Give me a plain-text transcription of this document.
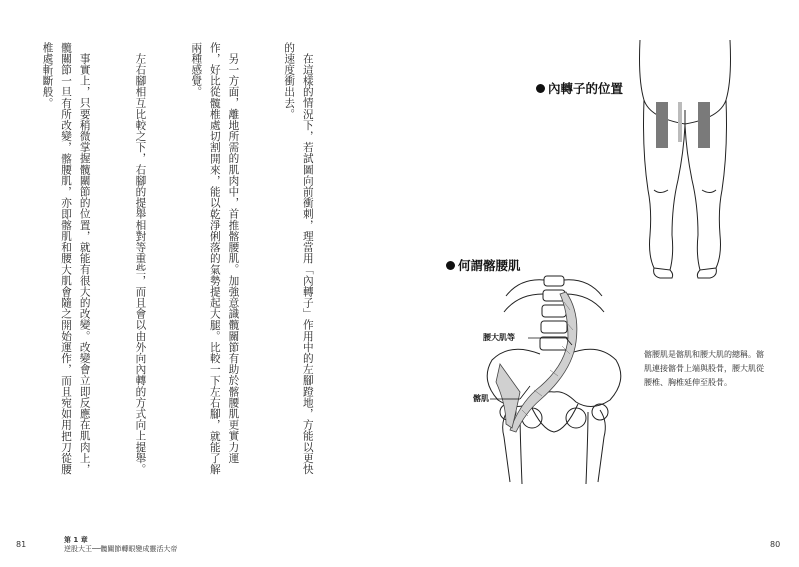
在這樣的情況下，若試圖向前衝刺，理當用「內轉子」作用中的左腳蹬地，方能以更快的速度衝出去。

另一方面，離地所需的肌肉中，首推髂腰肌。加強意識髖關節有助於髂腰肌更實力運作，好比從髖椎處切割開來，能以乾淨俐落的氣勢提起大腿。比較一下左右腳，就能了解兩種感覺。

左右腳相互比較之下，右腳的提舉相對等重些，而且會以由外向內轉的方式向上提舉。

事實上，只要稍微掌握髖關節的位置，就能有很大的改變。改變會立即反應在肌肉上，髖關節一旦有所改變，髂腰肌，亦即髂肌和腰大肌會隨之開始運作，而且宛如用把刀從腰椎處斬斷般。

81	第 1 章
逆股大王──髖關節轉眼變成靈活大帝	80
內轉子的位置
何謂髂腰肌
腰大肌等
髂肌
髂腰肌是髂肌和腰大肌的總稱。髂肌連接髂骨上端與股骨，腰大肌從腰椎、胸椎延伸至股骨。
